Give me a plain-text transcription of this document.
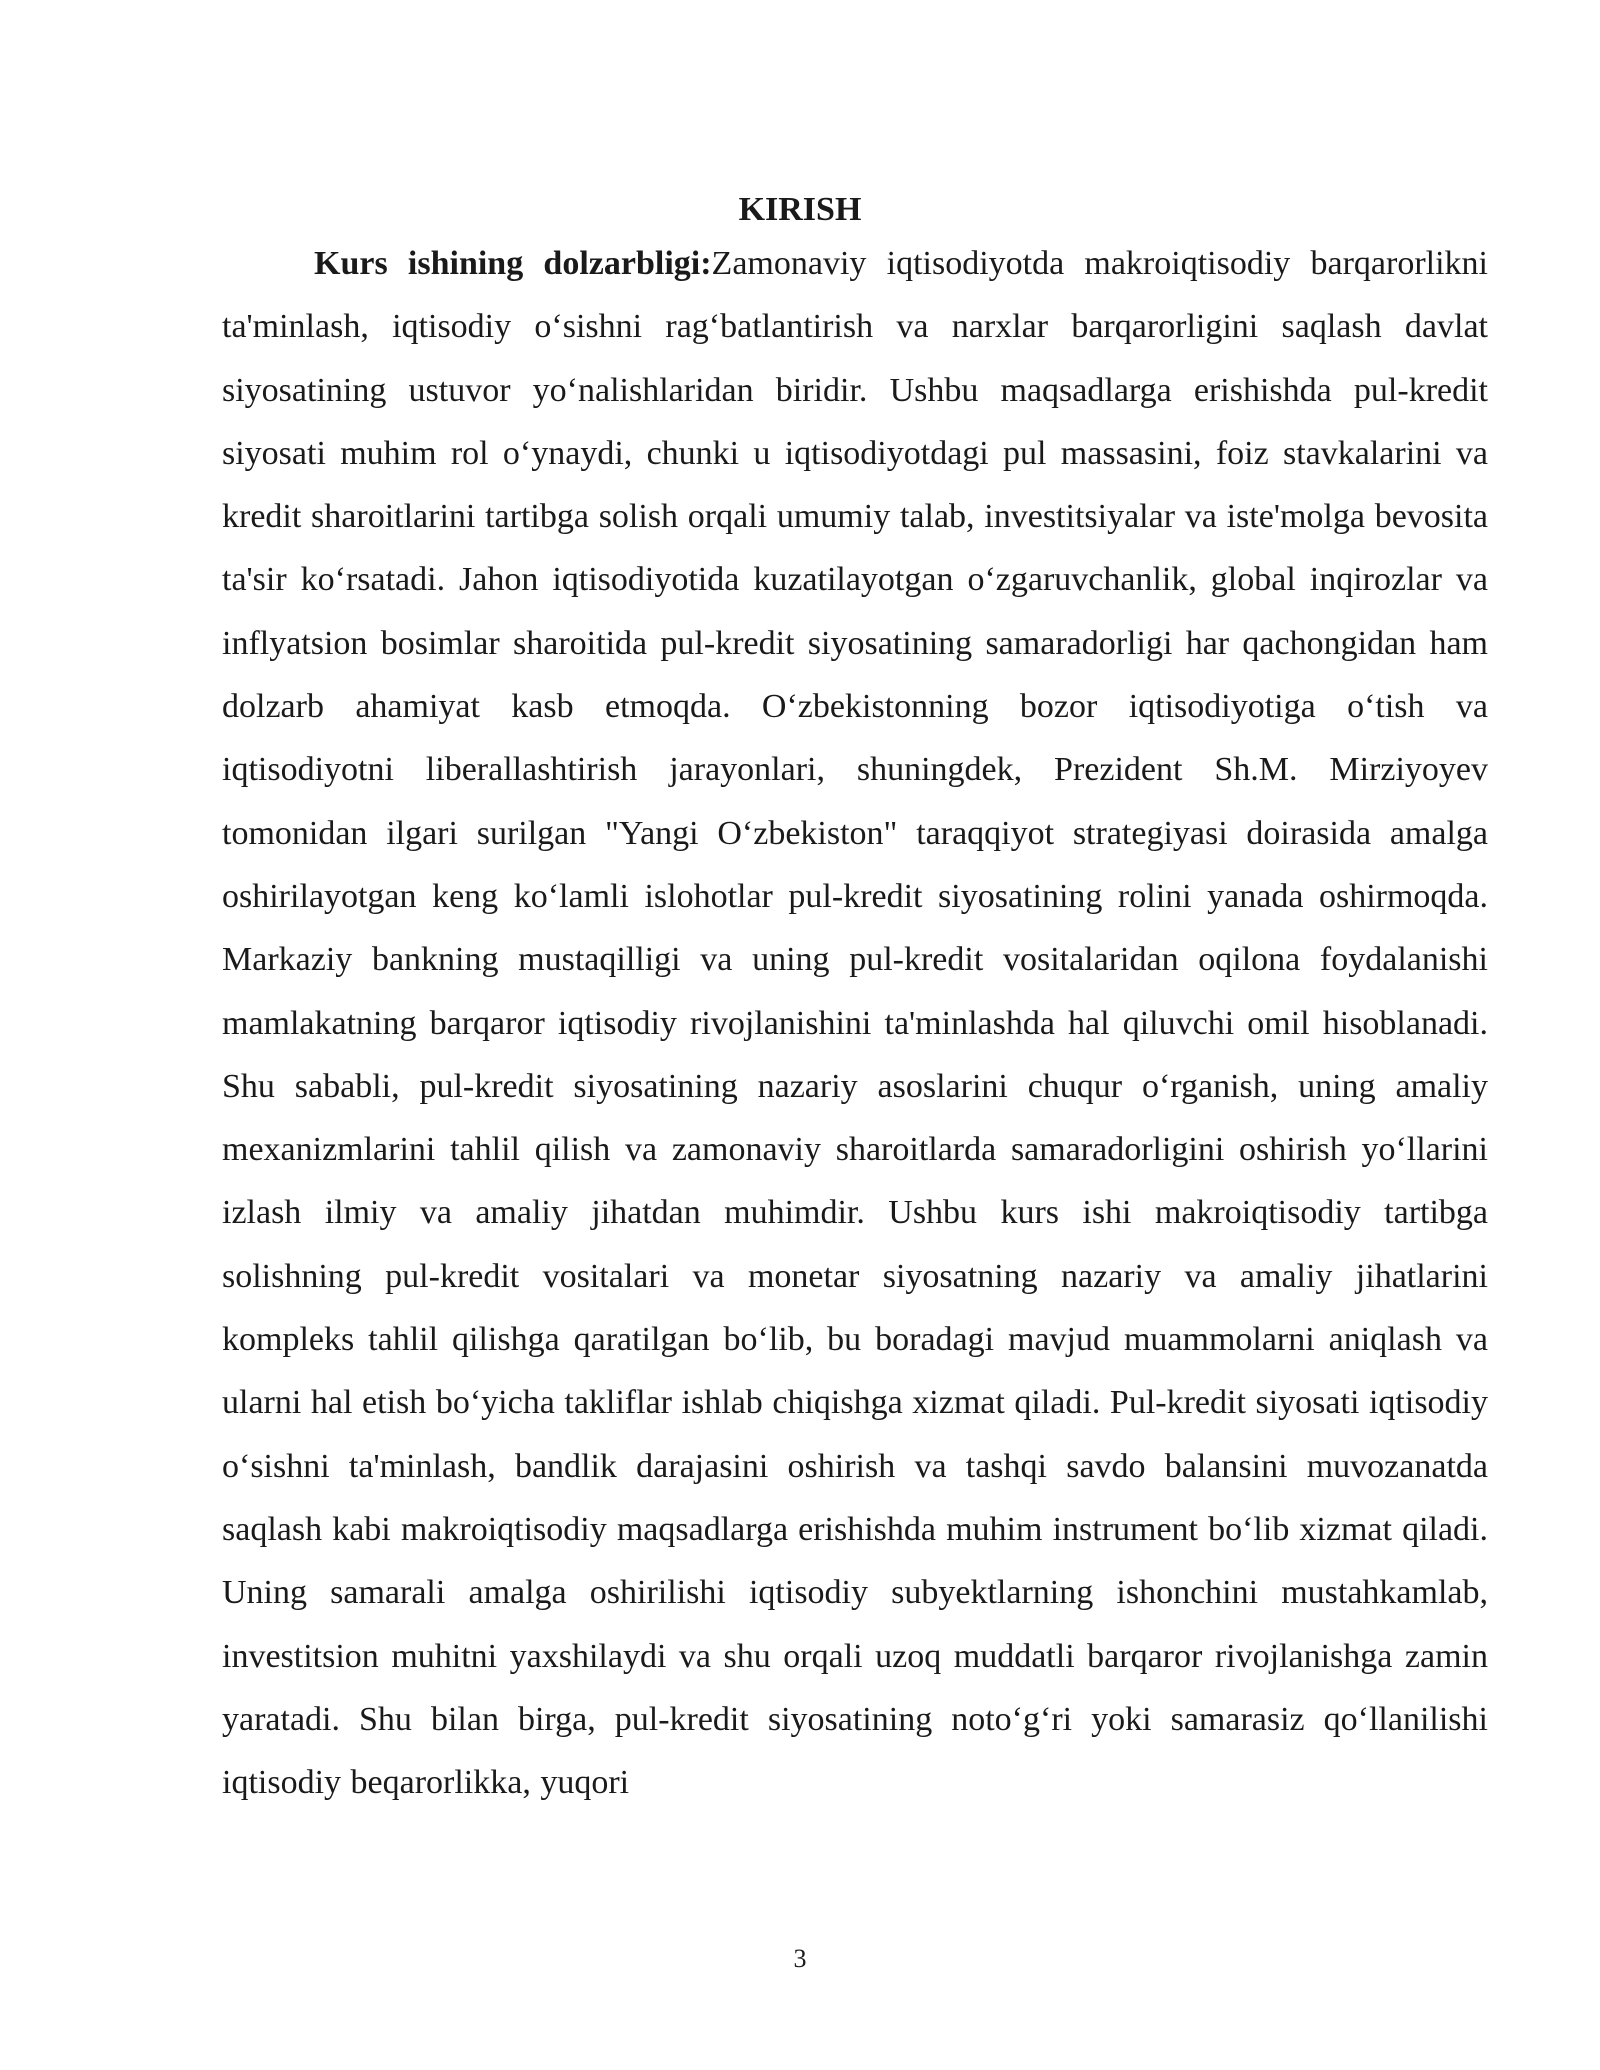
KIRISH

Kurs ishining dolzarbligi:Zamonaviy iqtisodiyotda makroiqtisodiy barqarorlikni ta'minlash, iqtisodiy o‘sishni rag‘batlantirish va narxlar barqarorligini saqlash davlat siyosatining ustuvor yo‘nalishlaridan biridir. Ushbu maqsadlarga erishishda pul-kredit siyosati muhim rol o‘ynaydi, chunki u iqtisodiyotdagi pul massasini, foiz stavkalarini va kredit sharoitlarini tartibga solish orqali umumiy talab, investitsiyalar va iste'molga bevosita ta'sir ko‘rsatadi. Jahon iqtisodiyotida kuzatilayotgan o‘zgaruvchanlik, global inqirozlar va inflyatsion bosimlar sharoitida pul-kredit siyosatining samaradorligi har qachongidan ham dolzarb ahamiyat kasb etmoqda. O‘zbekistonning bozor iqtisodiyotiga o‘tish va iqtisodiyotni liberallashtirish jarayonlari, shuningdek, Prezident Sh.M. Mirziyoyev tomonidan ilgari surilgan "Yangi O‘zbekiston" taraqqiyot strategiyasi doirasida amalga oshirilayotgan keng ko‘lamli islohotlar pul-kredit siyosatining rolini yanada oshirmoqda. Markaziy bankning mustaqilligi va uning pul-kredit vositalaridan oqilona foydalanishi mamlakatning barqaror iqtisodiy rivojlanishini ta'minlashda hal qiluvchi omil hisoblanadi. Shu sababli, pul-kredit siyosatining nazariy asoslarini chuqur o‘rganish, uning amaliy mexanizmlarini tahlil qilish va zamonaviy sharoitlarda samaradorligini oshirish yo‘llarini izlash ilmiy va amaliy jihatdan muhimdir. Ushbu kurs ishi makroiqtisodiy tartibga solishning pul-kredit vositalari va monetar siyosatning nazariy va amaliy jihatlarini kompleks tahlil qilishga qaratilgan bo‘lib, bu boradagi mavjud muammolarni aniqlash va ularni hal etish bo‘yicha takliflar ishlab chiqishga xizmat qiladi. Pul-kredit siyosati iqtisodiy o‘sishni ta'minlash, bandlik darajasini oshirish va tashqi savdo balansini muvozanatda saqlash kabi makroiqtisodiy maqsadlarga erishishda muhim instrument bo‘lib xizmat qiladi. Uning samarali amalga oshirilishi iqtisodiy subyektlarning ishonchini mustahkamlab, investitsion muhitni yaxshilaydi va shu orqali uzoq muddatli barqaror rivojlanishga zamin yaratadi. Shu bilan birga, pul-kredit siyosatining noto‘g‘ri yoki samarasiz qo‘llanilishi iqtisodiy beqarorlikka, yuqori

3
